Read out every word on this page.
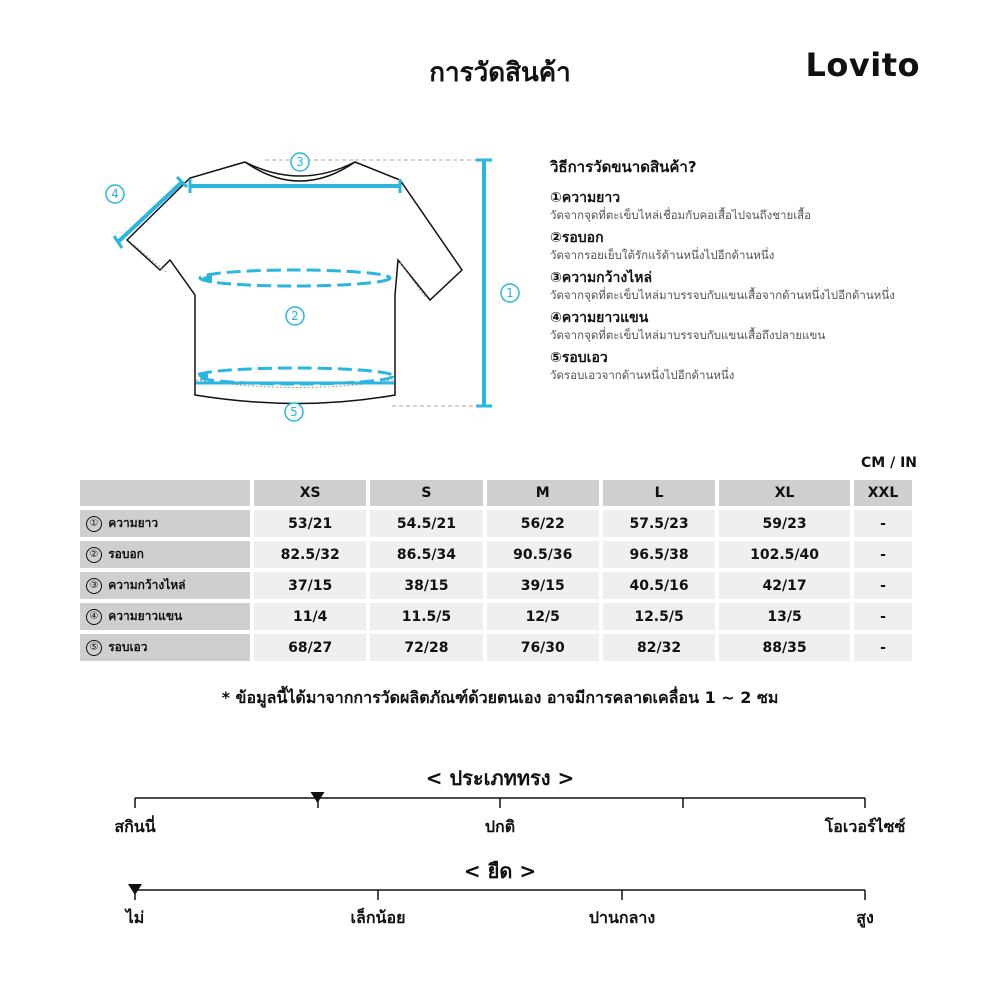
การวัดสินค้า	Lovito
1
2
3
4
5
วิธีการวัดขนาดสินค้า?
①ความยาว
วัดจากจุดที่ตะเข็บไหล่เชื่อมกับคอเสื้อไปจนถึงชายเสื้อ
②รอบอก
วัดจากรอยเย็บใต้รักแร้ด้านหนึ่งไปอีกด้านหนึ่ง
③ความกว้างไหล่
วัดจากจุดที่ตะเข็บไหล่มาบรรจบกับแขนเสื้อจากด้านหนึ่งไปอีกด้านหนึ่ง
④ความยาวแขน
วัดจากจุดที่ตะเข็บไหล่มาบรรจบกับแขนเสื้อถึงปลายแขน
⑤รอบเอว
วัดรอบเอวจากด้านหนึ่งไปอีกด้านหนึ่ง
CM / IN
	XS	S	M	L	XL	XXL
① ความยาว	53/21	54.5/21	56/22	57.5/23	59/23	-
② รอบอก	82.5/32	86.5/34	90.5/36	96.5/38	102.5/40	-
③ ความกว้างไหล่	37/15	38/15	39/15	40.5/16	42/17	-
④ ความยาวแขน	11/4	11.5/5	12/5	12.5/5	13/5	-
⑤ รอบเอว	68/27	72/28	76/30	82/32	88/35	-
* ข้อมูลนี้ได้มาจากการวัดผลิตภัณฑ์ด้วยตนเอง อาจมีการคลาดเคลื่อน 1 ~ 2 ซม
< ประเภททรง >
สกินนี่	ปกติ	โอเวอร์ไซซ์
< ยืด >
ไม่	เล็กน้อย	ปานกลาง	สูง
